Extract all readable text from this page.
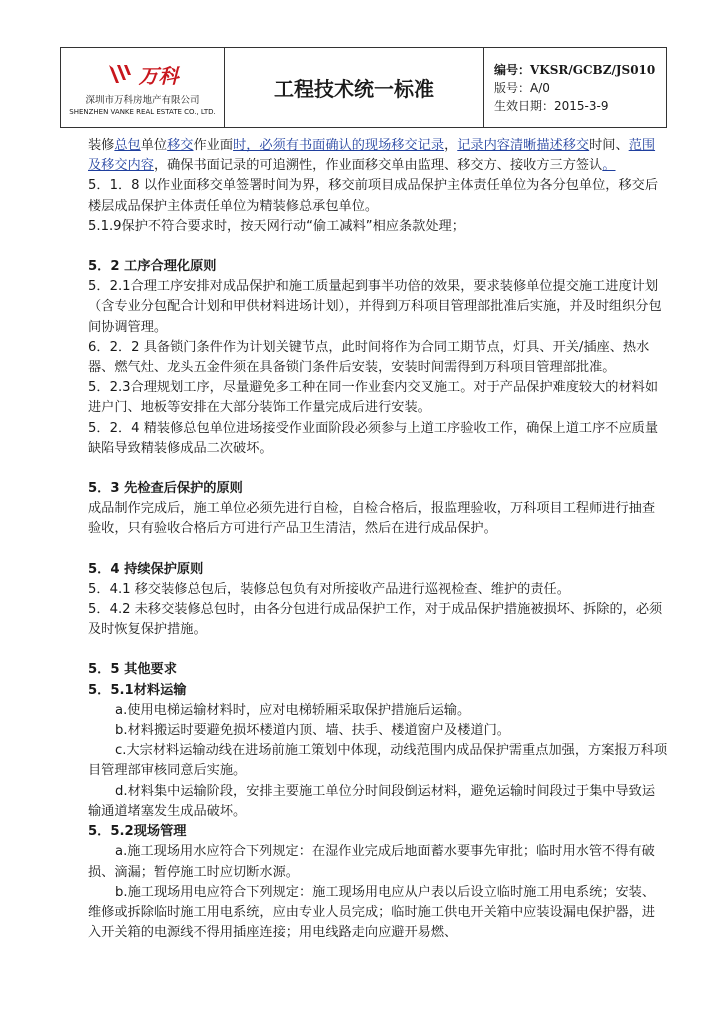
万科
深圳市万科房地产有限公司
SHENZHEN VANKE REAL ESTATE CO., LTD.
工程技术统一标准
编号：VKSR/GCBZ/JS010
版号：A/0
生效日期：2015-3-9

装修总包单位移交作业面时，必须有书面确认的现场移交记录，记录内容清晰描述移交时间、范围及移交内容，确保书面记录的可追溯性，作业面移交单由监理、移交方、接收方三方签认。

5．1．8 以作业面移交单签署时间为界，移交前项目成品保护主体责任单位为各分包单位，移交后楼层成品保护主体责任单位为精装修总承包单位。

5.1.9保护不符合要求时，按天网行动“偷工减料”相应条款处理；

5．2 工序合理化原则

5．2.1合理工序安排对成品保护和施工质量起到事半功倍的效果，要求装修单位提交施工进度计划（含专业分包配合计划和甲供材料进场计划），并得到万科项目管理部批准后实施，并及时组织分包间协调管理。

6．2．2 具备锁门条件作为计划关键节点，此时间将作为合同工期节点，灯具、开关/插座、热水器、燃气灶、龙头五金件须在具备锁门条件后安装，安装时间需得到万科项目管理部批准。

5．2.3合理规划工序，尽量避免多工种在同一作业套内交叉施工。对于产品保护难度较大的材料如进户门、地板等安排在大部分装饰工作量完成后进行安装。

5．2．4 精装修总包单位进场接受作业面阶段必须参与上道工序验收工作，确保上道工序不应质量缺陷导致精装修成品二次破坏。

5．3 先检查后保护的原则

成品制作完成后，施工单位必须先进行自检，自检合格后，报监理验收，万科项目工程师进行抽查验收，只有验收合格后方可进行产品卫生清洁，然后在进行成品保护。

5．4 持续保护原则

5．4.1 移交装修总包后，装修总包负有对所接收产品进行巡视检查、维护的责任。

5．4.2 未移交装修总包时，由各分包进行成品保护工作，对于成品保护措施被损坏、拆除的，必须及时恢复保护措施。

5．5 其他要求

5．5.1材料运输

a.使用电梯运输材料时，应对电梯轿厢采取保护措施后运输。

b.材料搬运时要避免损坏楼道内顶、墙、扶手、楼道窗户及楼道门。

c.大宗材料运输动线在进场前施工策划中体现，动线范围内成品保护需重点加强，方案报万科项目管理部审核同意后实施。

d.材料集中运输阶段，安排主要施工单位分时间段倒运材料，避免运输时间段过于集中导致运输通道堵塞发生成品破坏。

5．5.2现场管理

a.施工现场用水应符合下列规定：在湿作业完成后地面蓄水要事先审批；临时用水管不得有破损、滴漏；暂停施工时应切断水源。

b.施工现场用电应符合下列规定：施工现场用电应从户表以后设立临时施工用电系统；安装、维修或拆除临时施工用电系统，应由专业人员完成；临时施工供电开关箱中应装设漏电保护器，进入开关箱的电源线不得用插座连接；用电线路走向应避开易燃、
